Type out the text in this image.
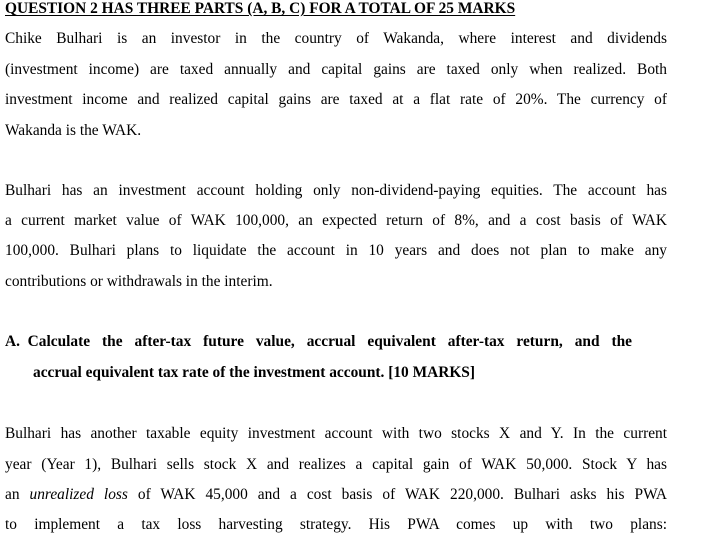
QUESTION 2 HAS THREE PARTS (A, B, C) FOR A TOTAL OF 25 MARKS
Chike Bulhari is an investor in the country of Wakanda, where interest and dividends
(investment income) are taxed annually and capital gains are taxed only when realized. Both
investment income and realized capital gains are taxed at a flat rate of 20%. The currency of
Wakanda is the WAK.
Bulhari has an investment account holding only non-dividend-paying equities. The account has
a current market value of WAK 100,000, an expected return of 8%, and a cost basis of WAK
100,000. Bulhari plans to liquidate the account in 10 years and does not plan to make any
contributions or withdrawals in the interim.
A. Calculate the after-tax future value, accrual equivalent after-tax return, and the
accrual equivalent tax rate of the investment account. [10 MARKS]
Bulhari has another taxable equity investment account with two stocks X and Y. In the current
year (Year 1), Bulhari sells stock X and realizes a capital gain of WAK 50,000. Stock Y has
an unrealized loss of WAK 45,000 and a cost basis of WAK 220,000. Bulhari asks his PWA
to implement a tax loss harvesting strategy. His PWA comes up with two plans:
